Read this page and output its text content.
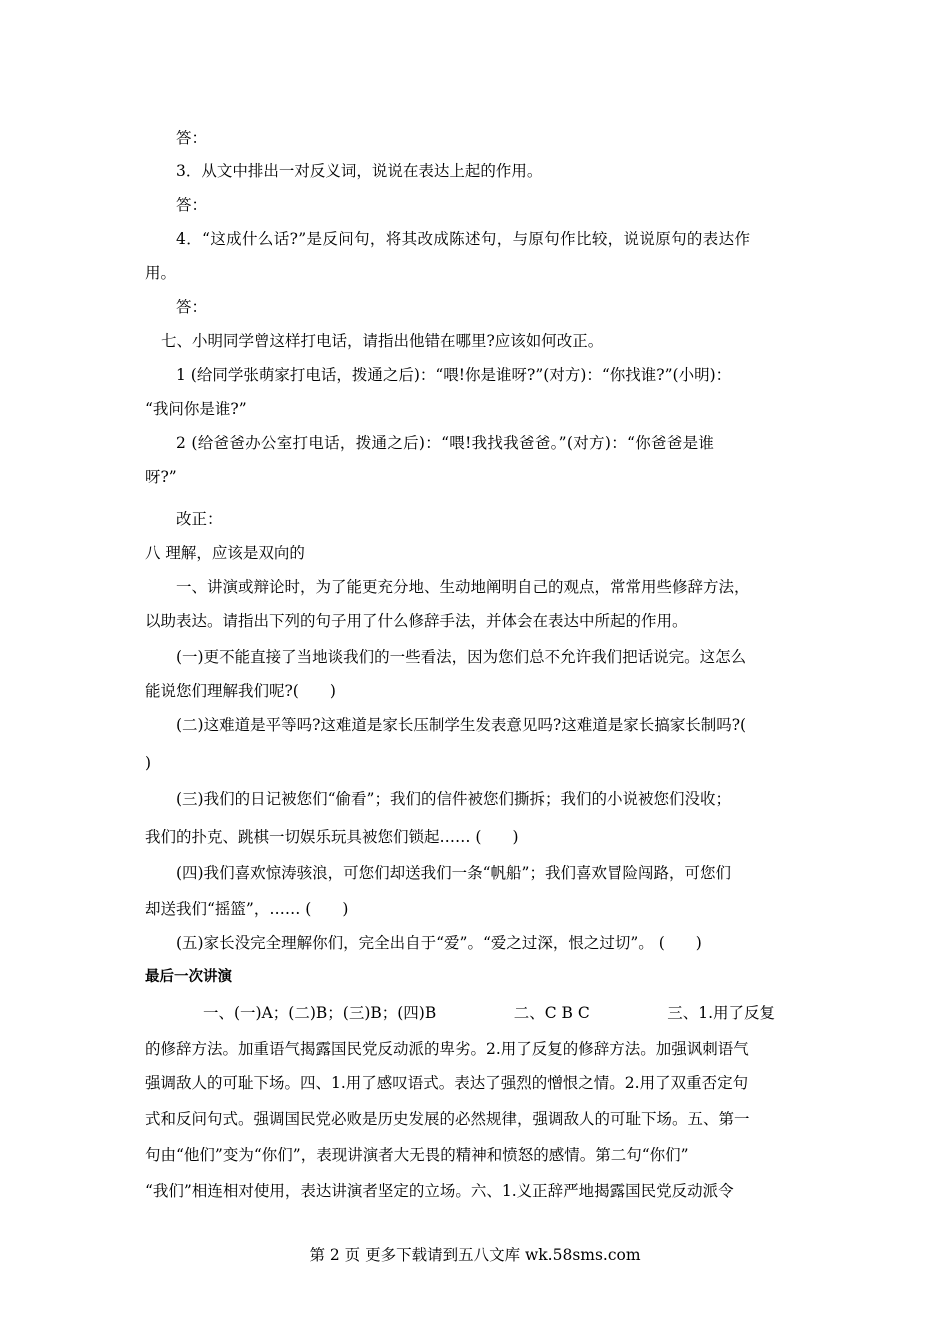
答：
3．从文中排出一对反义词，说说在表达上起的作用。
答：
4．“这成什么话?”是反问句，将其改成陈述句，与原句作比较，说说原句的表达作
用。
答：
七、小明同学曾这样打电话，请指出他错在哪里?应该如何改正。
1 (给同学张萌家打电话，拨通之后)：“喂!你是谁呀?”(对方)：“你找谁?”(小明)：
“我问你是谁?”
2 (给爸爸办公室打电话，拨通之后)：“喂!我找我爸爸。”(对方)：“你爸爸是谁
呀?”
改正：
八 理解，应该是双向的
一、讲演或辩论时，为了能更充分地、生动地阐明自己的观点，常常用些修辞方法，
以助表达。请指出下列的句子用了什么修辞手法，并体会在表达中所起的作用。
(一)更不能直接了当地谈我们的一些看法，因为您们总不允许我们把话说完。这怎么
能说您们理解我们呢?(　　)
(二)这难道是平等吗?这难道是家长压制学生发表意见吗?这难道是家长搞家长制吗?(
)
(三)我们的日记被您们“偷看”；我们的信件被您们撕拆；我们的小说被您们没收；
我们的扑克、跳棋一切娱乐玩具被您们锁起…… (　　)
(四)我们喜欢惊涛骇浪，可您们却送我们一条“帆船”；我们喜欢冒险闯路，可您们
却送我们“摇篮”，…… (　　)
(五)家长没完全理解你们，完全出自于“爱”。“爱之过深，恨之过切”。 (　　)
最后一次讲演
一、(一)A；(二)B；(三)B；(四)B　　　　　二、C B C　　　　　三、1.用了反复
的修辞方法。加重语气揭露国民党反动派的卑劣。2.用了反复的修辞方法。加强讽刺语气
强调敌人的可耻下场。四、1.用了感叹语式。表达了强烈的憎恨之情。2.用了双重否定句
式和反问句式。强调国民党必败是历史发展的必然规律，强调敌人的可耻下场。五、第一
句由“他们”变为“你们”，表现讲演者大无畏的精神和愤怒的感情。第二句“你们”
“我们”相连相对使用，表达讲演者坚定的立场。六、1.义正辞严地揭露国民党反动派令
第 2 页 更多下载请到五八文库 wk.58sms.com
